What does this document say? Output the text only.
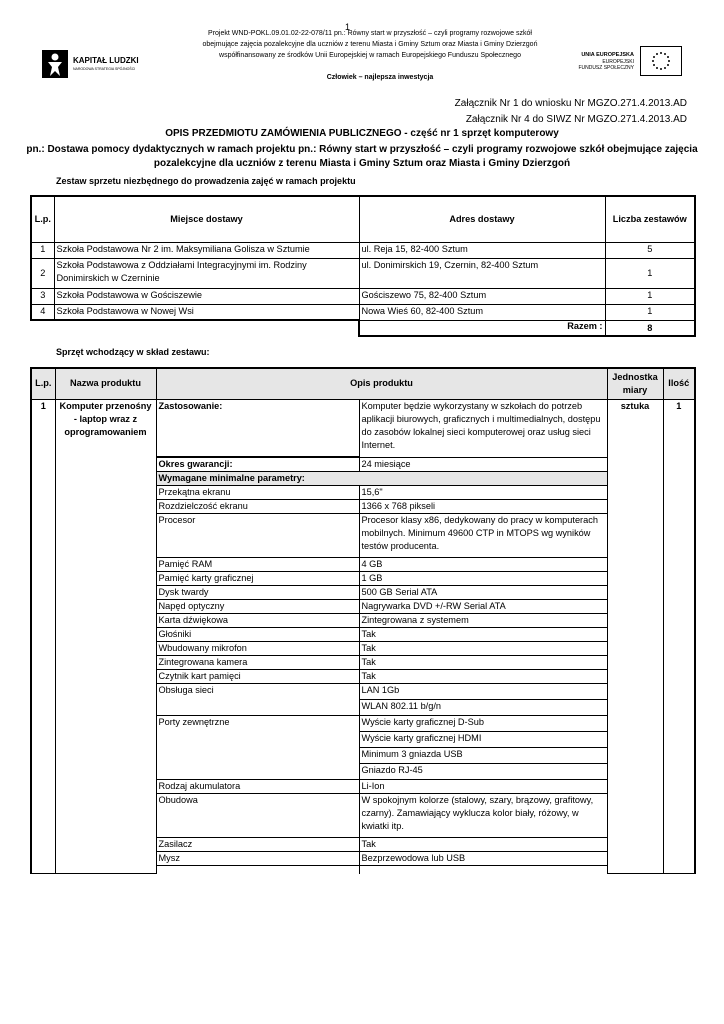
KAPITAŁ LUDZKI
NARODOWA STRATEGIA SPÓJNOŚCI
1
Projekt WND-POKL.09.01.02-22-078/11 pn.: Równy start w przyszłość – czyli programy rozwojowe szkół
obejmujące zajęcia pozalekcyjne dla uczniów z terenu Miasta i Gminy Sztum oraz Miasta i Gminy Dzierzgoń
współfinansowany ze środków Unii Europejskiej w ramach Europejskiego Funduszu Społecznego
Człowiek – najlepsza inwestycja
UNIA EUROPEJSKA
EUROPEJSKI
FUNDUSZ SPOŁECZNY
Załącznik Nr 1 do wniosku Nr MGZO.271.4.2013.AD
Załącznik Nr 4 do SIWZ Nr MGZO.271.4.2013.AD
OPIS PRZEDMIOTU ZAMÓWIENIA PUBLICZNEGO - część nr 1 sprzęt komputerowy
pn.: Dostawa pomocy dydaktycznych w ramach projektu pn.: Równy start w przyszłość – czyli programy rozwojowe szkół obejmujące zajęcia
pozalekcyjne dla uczniów z terenu Miasta i Gminy Sztum oraz Miasta i Gminy Dzierzgoń
Zestaw sprzetu niezbędnego do prowadzenia zajęć w ramach projektu
L.p.	Miejsce dostawy	Adres dostawy	Liczba zestawów
1	Szkoła Podstawowa Nr 2 im. Maksymiliana Golisza w Sztumie	ul. Reja 15, 82-400 Sztum	5
2	Szkoła Podstawowa z Oddziałami Integracyjnymi im. Rodziny Donimirskich w Czerninie	ul. Donimirskich 19, Czernin, 82-400 Sztum	1
3	Szkoła Podstawowa w Gościszewie	Gościszewo 75, 82-400 Sztum	1
4	Szkoła Podstawowa w Nowej Wsi	Nowa Wieś 60, 82-400 Sztum	1
		Razem :	8
Sprzęt wchodzący w skład zestawu:
L.p.	Nazwa produktu	Opis produktu		Jednostka miary	Ilość
1	Komputer przenośny - laptop wraz z oprogramowaniem	Zastosowanie:	Komputer będzie wykorzystany w szkołach do potrzeb aplikacji biurowych, graficznych i multimedialnych, dostępu do zasobów lokalnej sieci komputerowej oraz usług sieci Internet.	sztuka	1
		Okres gwarancji:	24 miesiące		
		Wymagane minimalne parametry:			
		Przekątna ekranu	15,6"		
		Rozdzielczość ekranu	1366 x 768 pikseli		
		Procesor	Procesor klasy x86, dedykowany do pracy w komputerach mobilnych. Minimum 49600 CTP in MTOPS wg wyników testów producenta.		
		Pamięć RAM	4 GB		
		Pamięć karty graficznej	1 GB		
		Dysk twardy	500 GB Serial ATA		
		Napęd optyczny	Nagrywarka DVD +/-RW Serial ATA		
		Karta dźwiękowa	Zintegrowana z systemem		
		Głośniki	Tak		
		Wbudowany mikrofon	Tak		
		Zintegrowana kamera	Tak		
		Czytnik kart pamięci	Tak		
		Obsługa sieci	LAN 1Gb		
			WLAN 802.11 b/g/n		
		Porty zewnętrzne	Wyście karty graficznej D-Sub		
			Wyście karty graficznej HDMI		
			Minimum 3 gniazda USB		
			Gniazdo RJ-45		
		Rodzaj akumulatora	Li-Ion		
		Obudowa	W spokojnym kolorze (stalowy, szary, brązowy, grafitowy, czarny). Zamawiający wyklucza kolor biały, różowy, w kwiatki itp.		
		Zasilacz	Tak		
		Mysz	Bezprzewodowa lub USB		
